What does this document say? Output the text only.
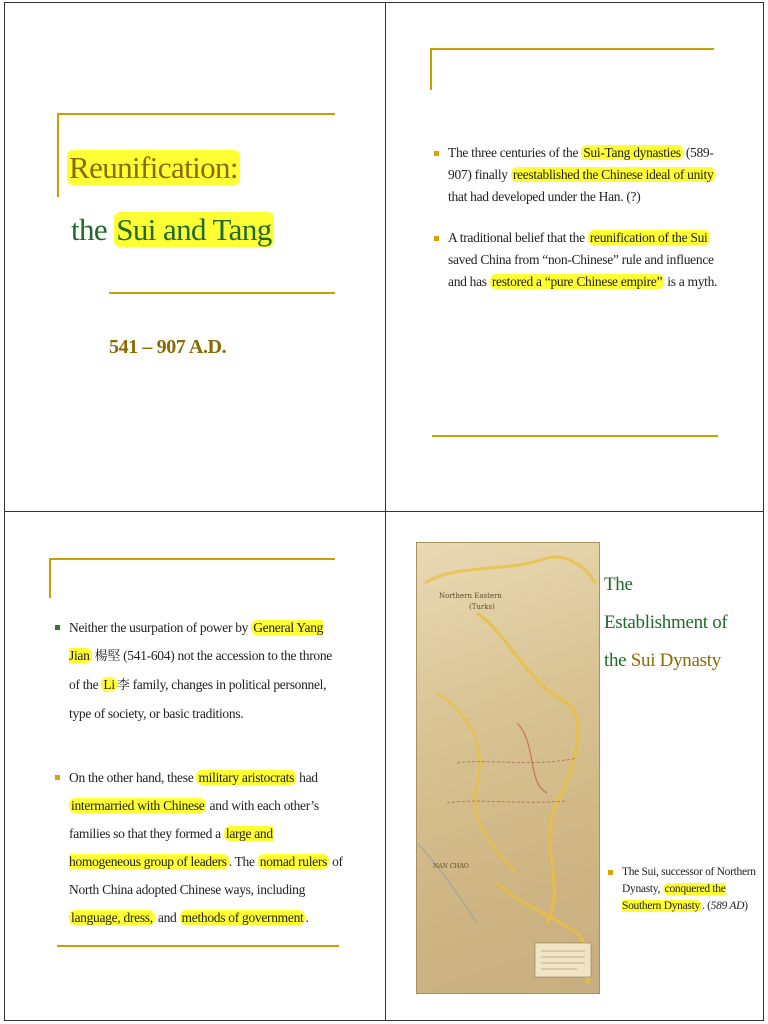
Reunification:
the Sui and Tang
541 – 907 A.D.
The three centuries of the Sui-Tang dynasties (589-907) finally reestablished the Chinese ideal of unity that had developed under the Han. (?)
A traditional belief that the reunification of the Sui saved China from “non-Chinese” rule and influence and has restored a “pure Chinese empire” is a myth.
Neither the usurpation of power by General Yang Jian 楊堅 (541-604) not the accession to the throne of the Li 李 family, changes in political personnel, type of society, or basic traditions.
On the other hand, these military aristocrats had intermarried with Chinese and with each other’s families so that they formed a large and homogeneous group of leaders . The nomad rulers of North China adopted Chinese ways, including language, dress, and methods of government .
Northern Eastern
(Turks)
NAN CHAO
The
Establishment of
the Sui Dynasty
The Sui, successor of Northern Dynasty, conquered the Southern Dynasty . (589 AD)
